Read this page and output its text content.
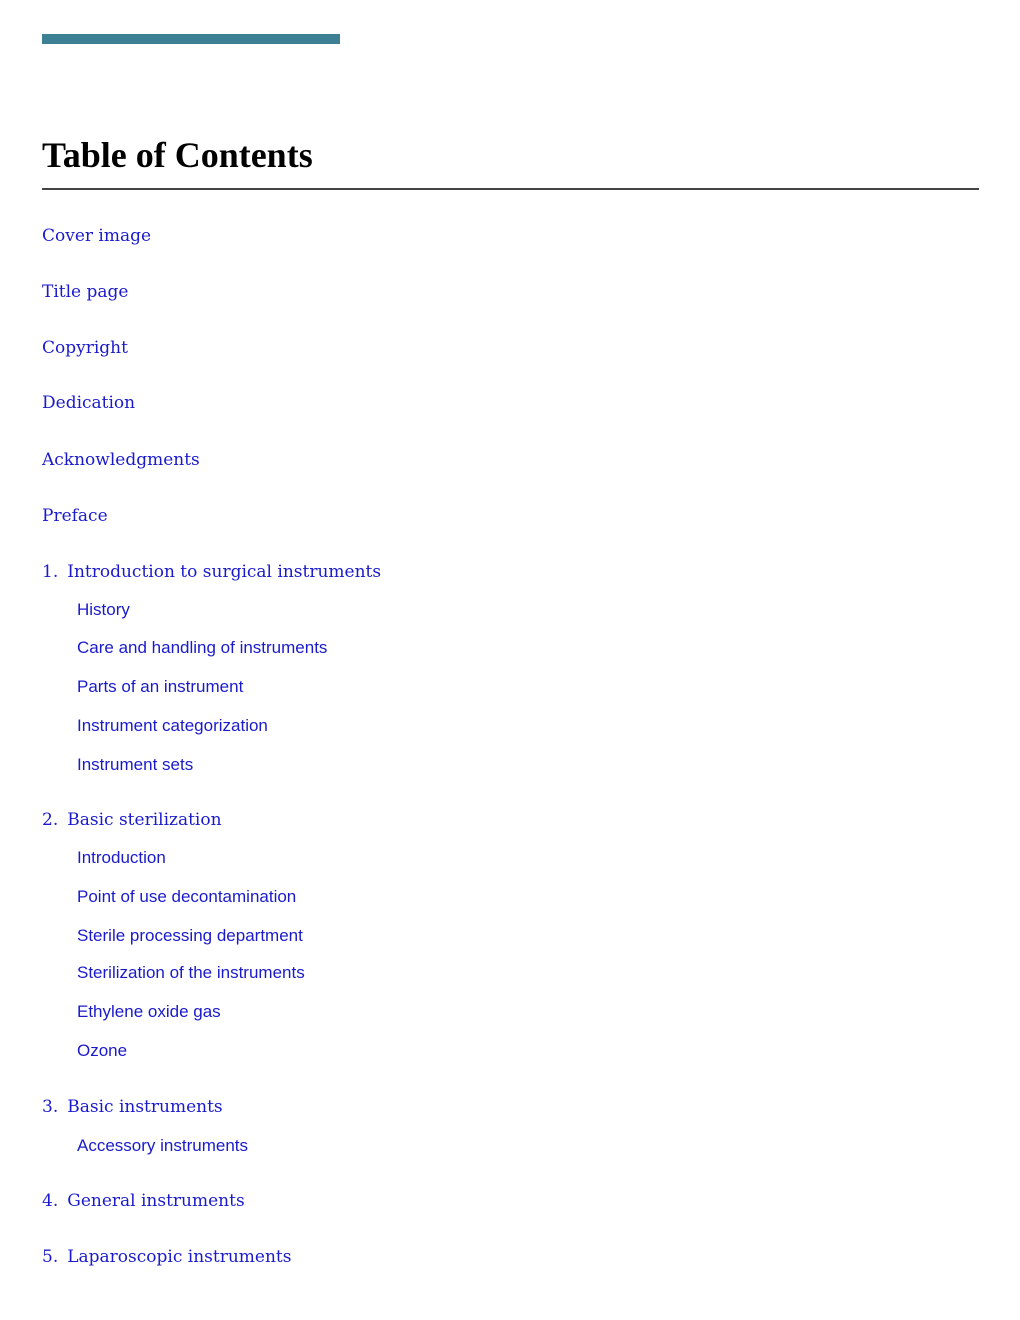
Table of Contents
Cover image
Title page
Copyright
Dedication
Acknowledgments
Preface
1. Introduction to surgical instruments
History
Care and handling of instruments
Parts of an instrument
Instrument categorization
Instrument sets
2. Basic sterilization
Introduction
Point of use decontamination
Sterile processing department
Sterilization of the instruments
Ethylene oxide gas
Ozone
3. Basic instruments
Accessory instruments
4. General instruments
5. Laparoscopic instruments
